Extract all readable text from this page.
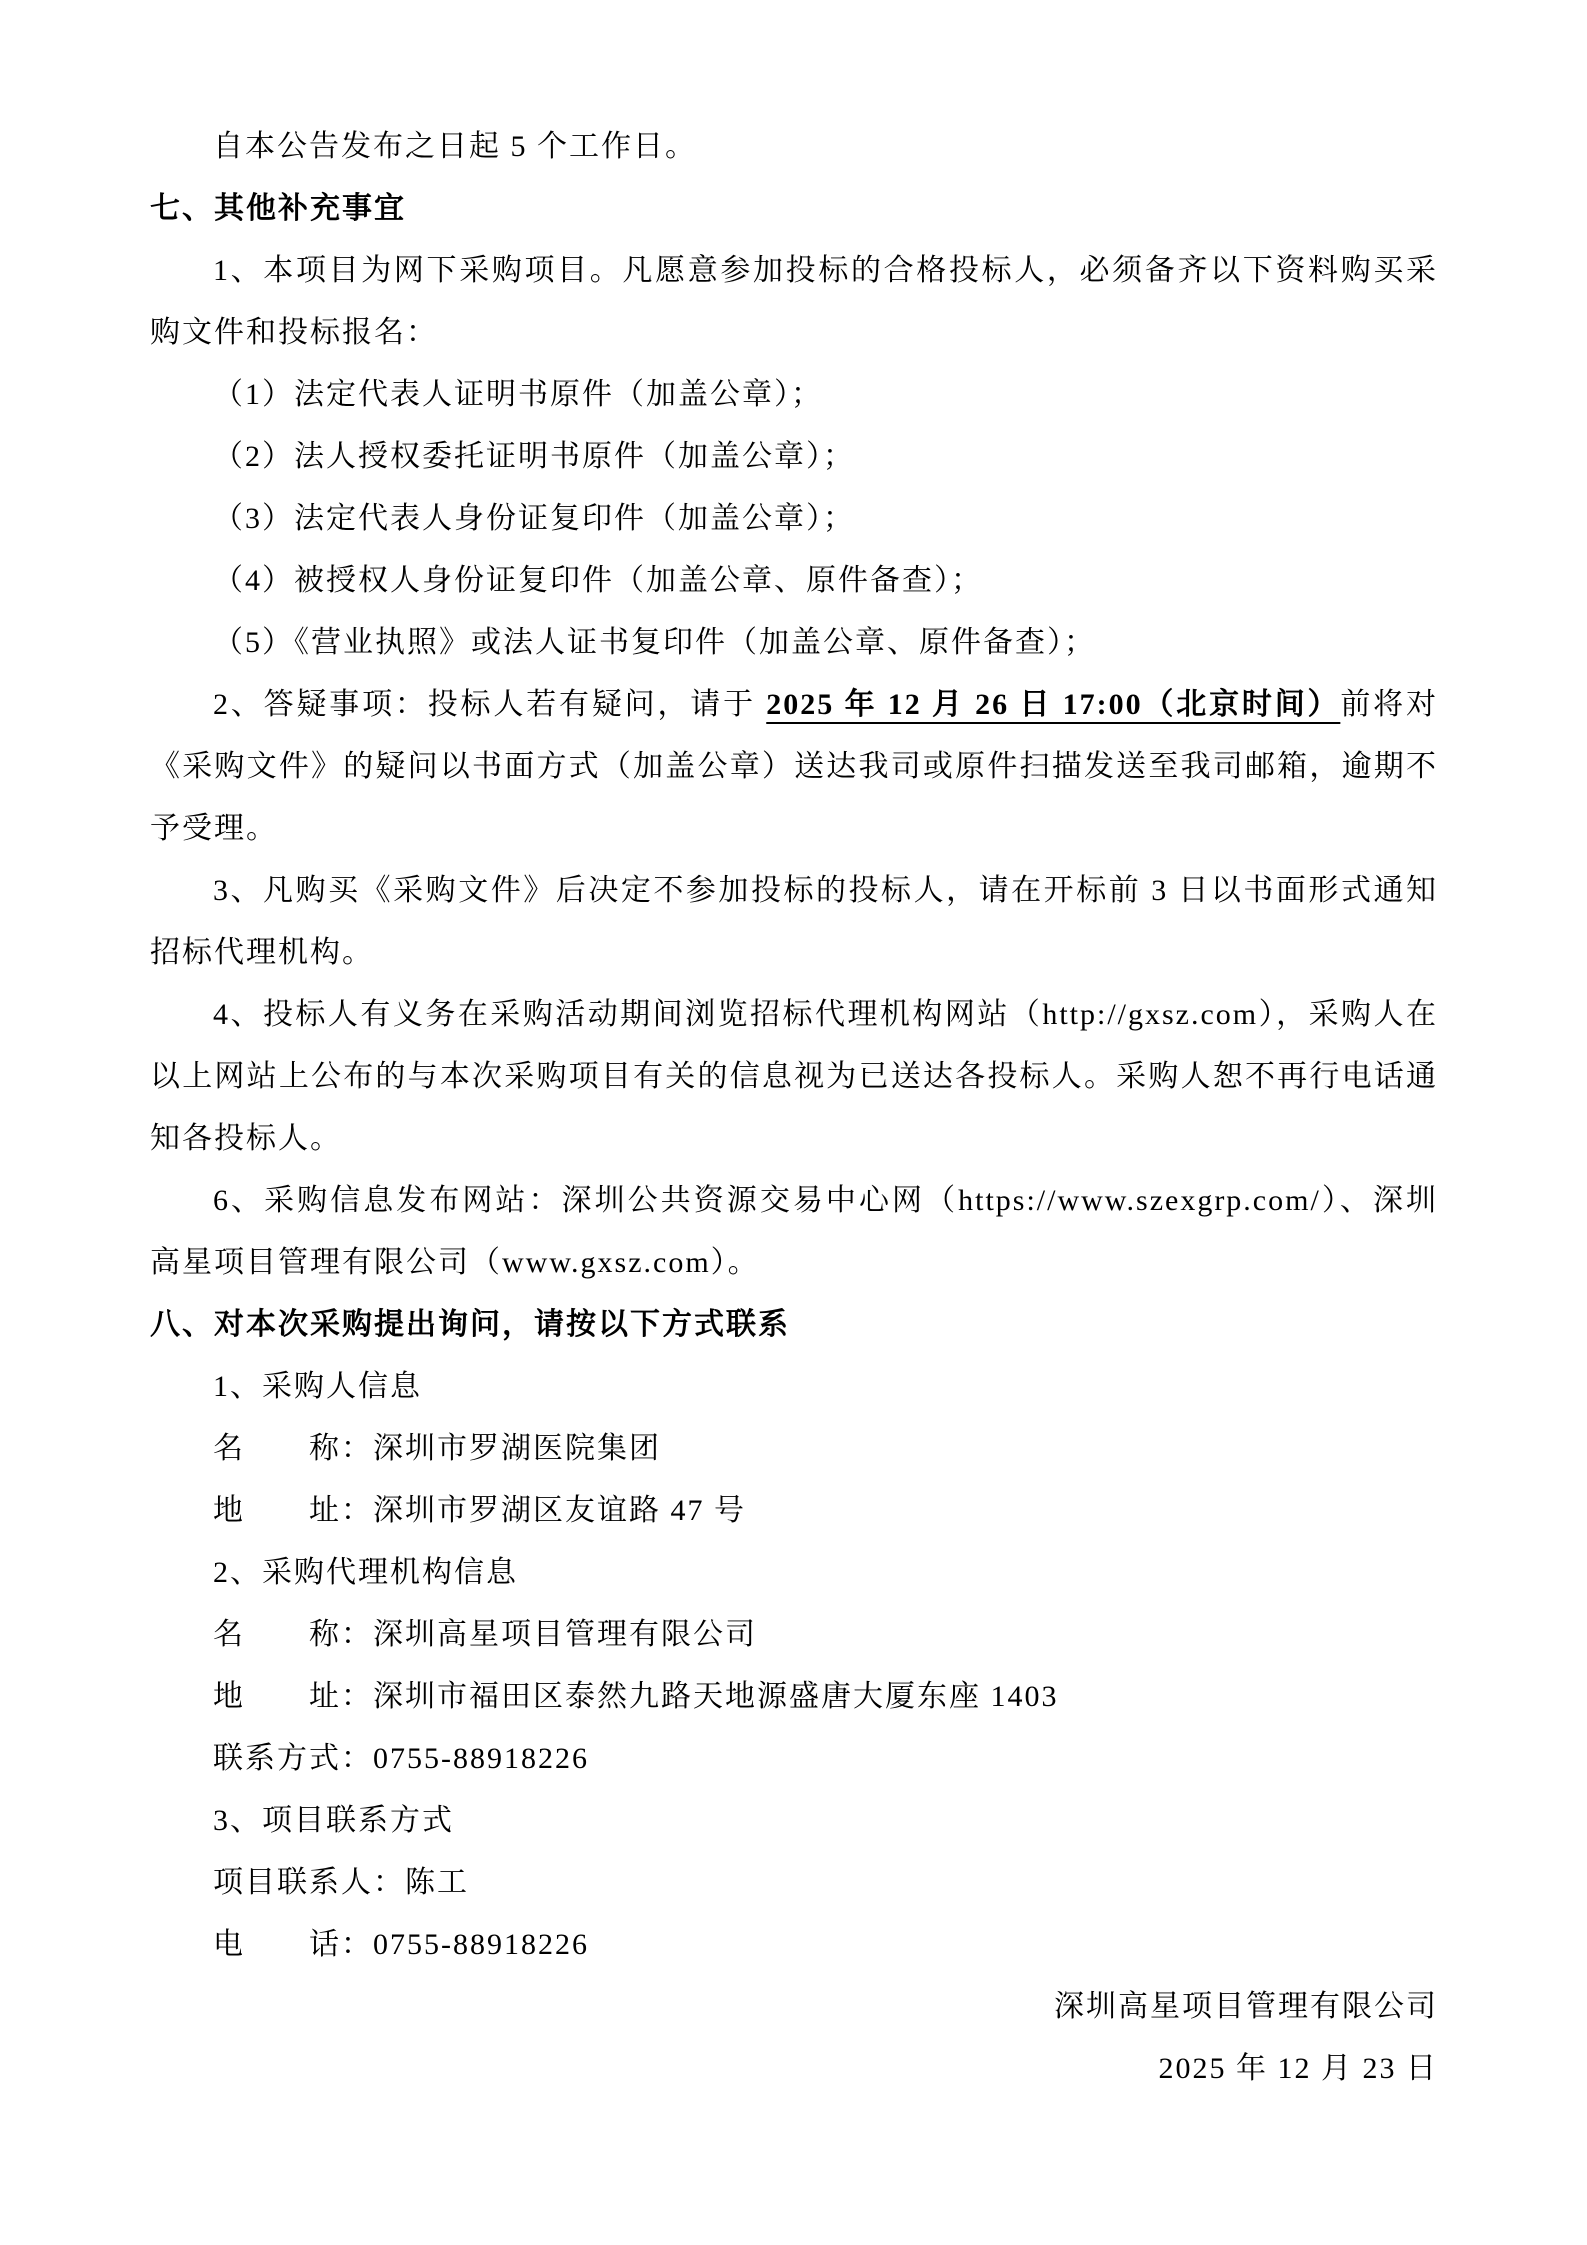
自本公告发布之日起 5 个工作日。

七、其他补充事宜

1、本项目为网下采购项目。凡愿意参加投标的合格投标人，必须备齐以下资料购买采购文件和投标报名：

（1）法定代表人证明书原件（加盖公章）；

（2）法人授权委托证明书原件（加盖公章）；

（3）法定代表人身份证复印件（加盖公章）；

（4）被授权人身份证复印件（加盖公章、原件备查）；

（5）《营业执照》或法人证书复印件（加盖公章、原件备查）；

2、答疑事项：投标人若有疑问，请于 2025 年 12 月 26 日 17:00（北京时间）前将对《采购文件》的疑问以书面方式（加盖公章）送达我司或原件扫描发送至我司邮箱，逾期不予受理。

3、凡购买《采购文件》后决定不参加投标的投标人，请在开标前 3 日以书面形式通知招标代理机构。

4、投标人有义务在采购活动期间浏览招标代理机构网站（http://gxsz.com），采购人在以上网站上公布的与本次采购项目有关的信息视为已送达各投标人。采购人恕不再行电话通知各投标人。

6、采购信息发布网站：深圳公共资源交易中心网（https://www.szexgrp.com/）、深圳高星项目管理有限公司（www.gxsz.com）。

八、对本次采购提出询问，请按以下方式联系

1、采购人信息

名　　称：深圳市罗湖医院集团

地　　址：深圳市罗湖区友谊路 47 号

2、采购代理机构信息

名　　称：深圳高星项目管理有限公司

地　　址：深圳市福田区泰然九路天地源盛唐大厦东座 1403

联系方式：0755-88918226

3、项目联系方式

项目联系人：陈工

电　　话：0755-88918226

深圳高星项目管理有限公司

2025 年 12 月 23 日
